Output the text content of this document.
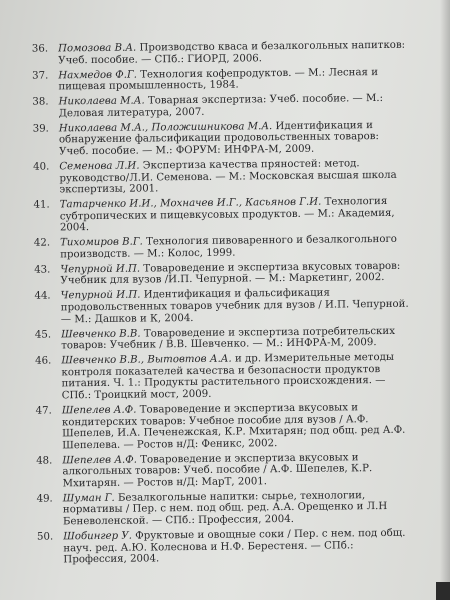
36. Помозова В.А. Производство кваса и безалкогольных напитков: Учеб. пособие. — СПб.: ГИОРД, 2006.
37. Нахмедов Ф.Г. Технология кофепродуктов. — М.: Лесная и пищевая промышленность, 1984.
38. Николаева М.А. Товарная экспертиза: Учеб. пособие. — М.: Деловая литература, 2007.
39. Николаева М.А., Положишникова М.А. Идентификация и обнаружение фальсификации продовольственных товаров: Учеб. пособие. — М.: ФОРУМ: ИНФРА-М, 2009.
40. Семенова Л.И. Экспертиза качества пряностей: метод. руководство/Л.И. Семенова. — М.: Московская высшая школа экспертизы, 2001.
41. Татарченко И.И., Мохначев И.Г., Касьянов Г.И. Технология субтропических и пищевкусовых продуктов. — М.: Академия, 2004.
42. Тихомиров В.Г. Технология пивоваренного и безалкогольного производств. — М.: Колос, 1999.
43. Чепурной И.П. Товароведение и экспертиза вкусовых товаров: Учебник для вузов /И.П. Чепурной. — М.: Маркетинг, 2002.
44. Чепурной И.П. Идентификация и фальсификация продовольственных товаров учебник для вузов / И.П. Чепурной. — М.: Дашков и К, 2004.
45. Шевченко В.В. Товароведение и экспертиза потребительских товаров: Учебник / В.В. Шевченко. — М.: ИНФРА-М, 2009.
46. Шевченко В.В., Вытовтов А.А. и др. Измерительные методы контроля показателей качества и безопасности продуктов питания. Ч. 1.: Продукты растительного происхождения. — СПб.: Троицкий мост, 2009.
47. Шепелев А.Ф. Товароведение и экспертиза вкусовых и кондитерских товаров: Учебное пособие для вузов / А.Ф. Шепелев, И.А. Печенежская, К.Р. Мхитарян; под общ. ред А.Ф. Шепелева. — Ростов н/Д: Феникс, 2002.
48. Шепелев А.Ф. Товароведение и экспертиза вкусовых и алкогольных товаров: Учеб. пособие / А.Ф. Шепелев, К.Р. Мхитарян. — Ростов н/Д: МарТ, 2001.
49. Шуман Г. Безалкогольные напитки: сырье, технологии, нормативы / Пер. с нем. под общ. ред. А.А. Орещенко и Л.Н Беневоленской. — СПб.: Профессия, 2004.
50. Шобингер У. Фруктовые и овощные соки / Пер. с нем. под общ. науч. ред. А.Ю. Колеснова и Н.Ф. Берестеня. — СПб.: Профессия, 2004.
